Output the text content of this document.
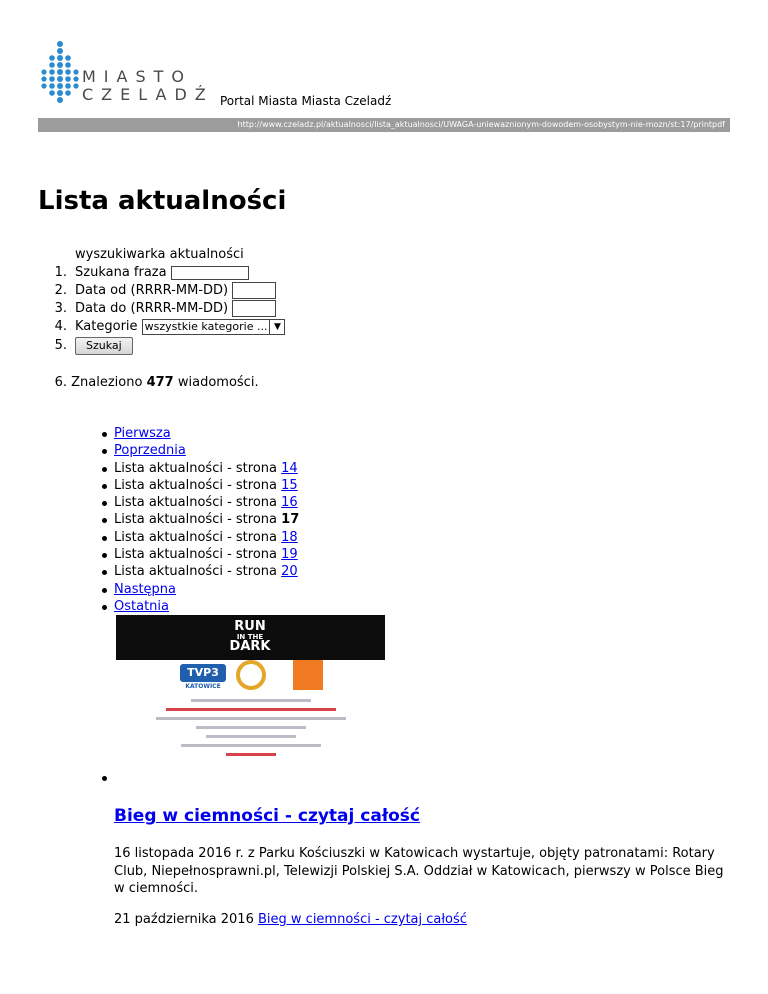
MIASTO
CZELADŹ Portal Miasta Miasta Czeladź
http://www.czeladz.pl/aktualnosci/lista_aktualnosci/UWAGA-uniewaznionym-dowodem-osobystym-nie-mozn/st:17/printpdf
Lista aktualności
wyszukiwarka aktualności
1. Szukana fraza
2. Data od (RRRR-MM-DD)
3. Data do (RRRR-MM-DD)
4. Kategorie wszystkie kategorie ... ▼
5. Szukaj
6. Znaleziono 477 wiadomości.
Pierwsza
Poprzednia
Lista aktualności - strona 14
Lista aktualności - strona 15
Lista aktualności - strona 16
Lista aktualności - strona 17
Lista aktualności - strona 18
Lista aktualności - strona 19
Lista aktualności - strona 20
Następna
Ostatnia
RUN
IN THE
DARK
TVP3
KATOWICE
Bieg w ciemności - czytaj całość

16 listopada 2016 r. z Parku Kościuszki w Katowicach wystartuje, objęty patronatami: Rotary Club, Niepełnosprawni.pl, Telewizji Polskiej S.A. Oddział w Katowicach, pierwszy w Polsce Bieg w ciemności.

21 października 2016 Bieg w ciemności - czytaj całość
